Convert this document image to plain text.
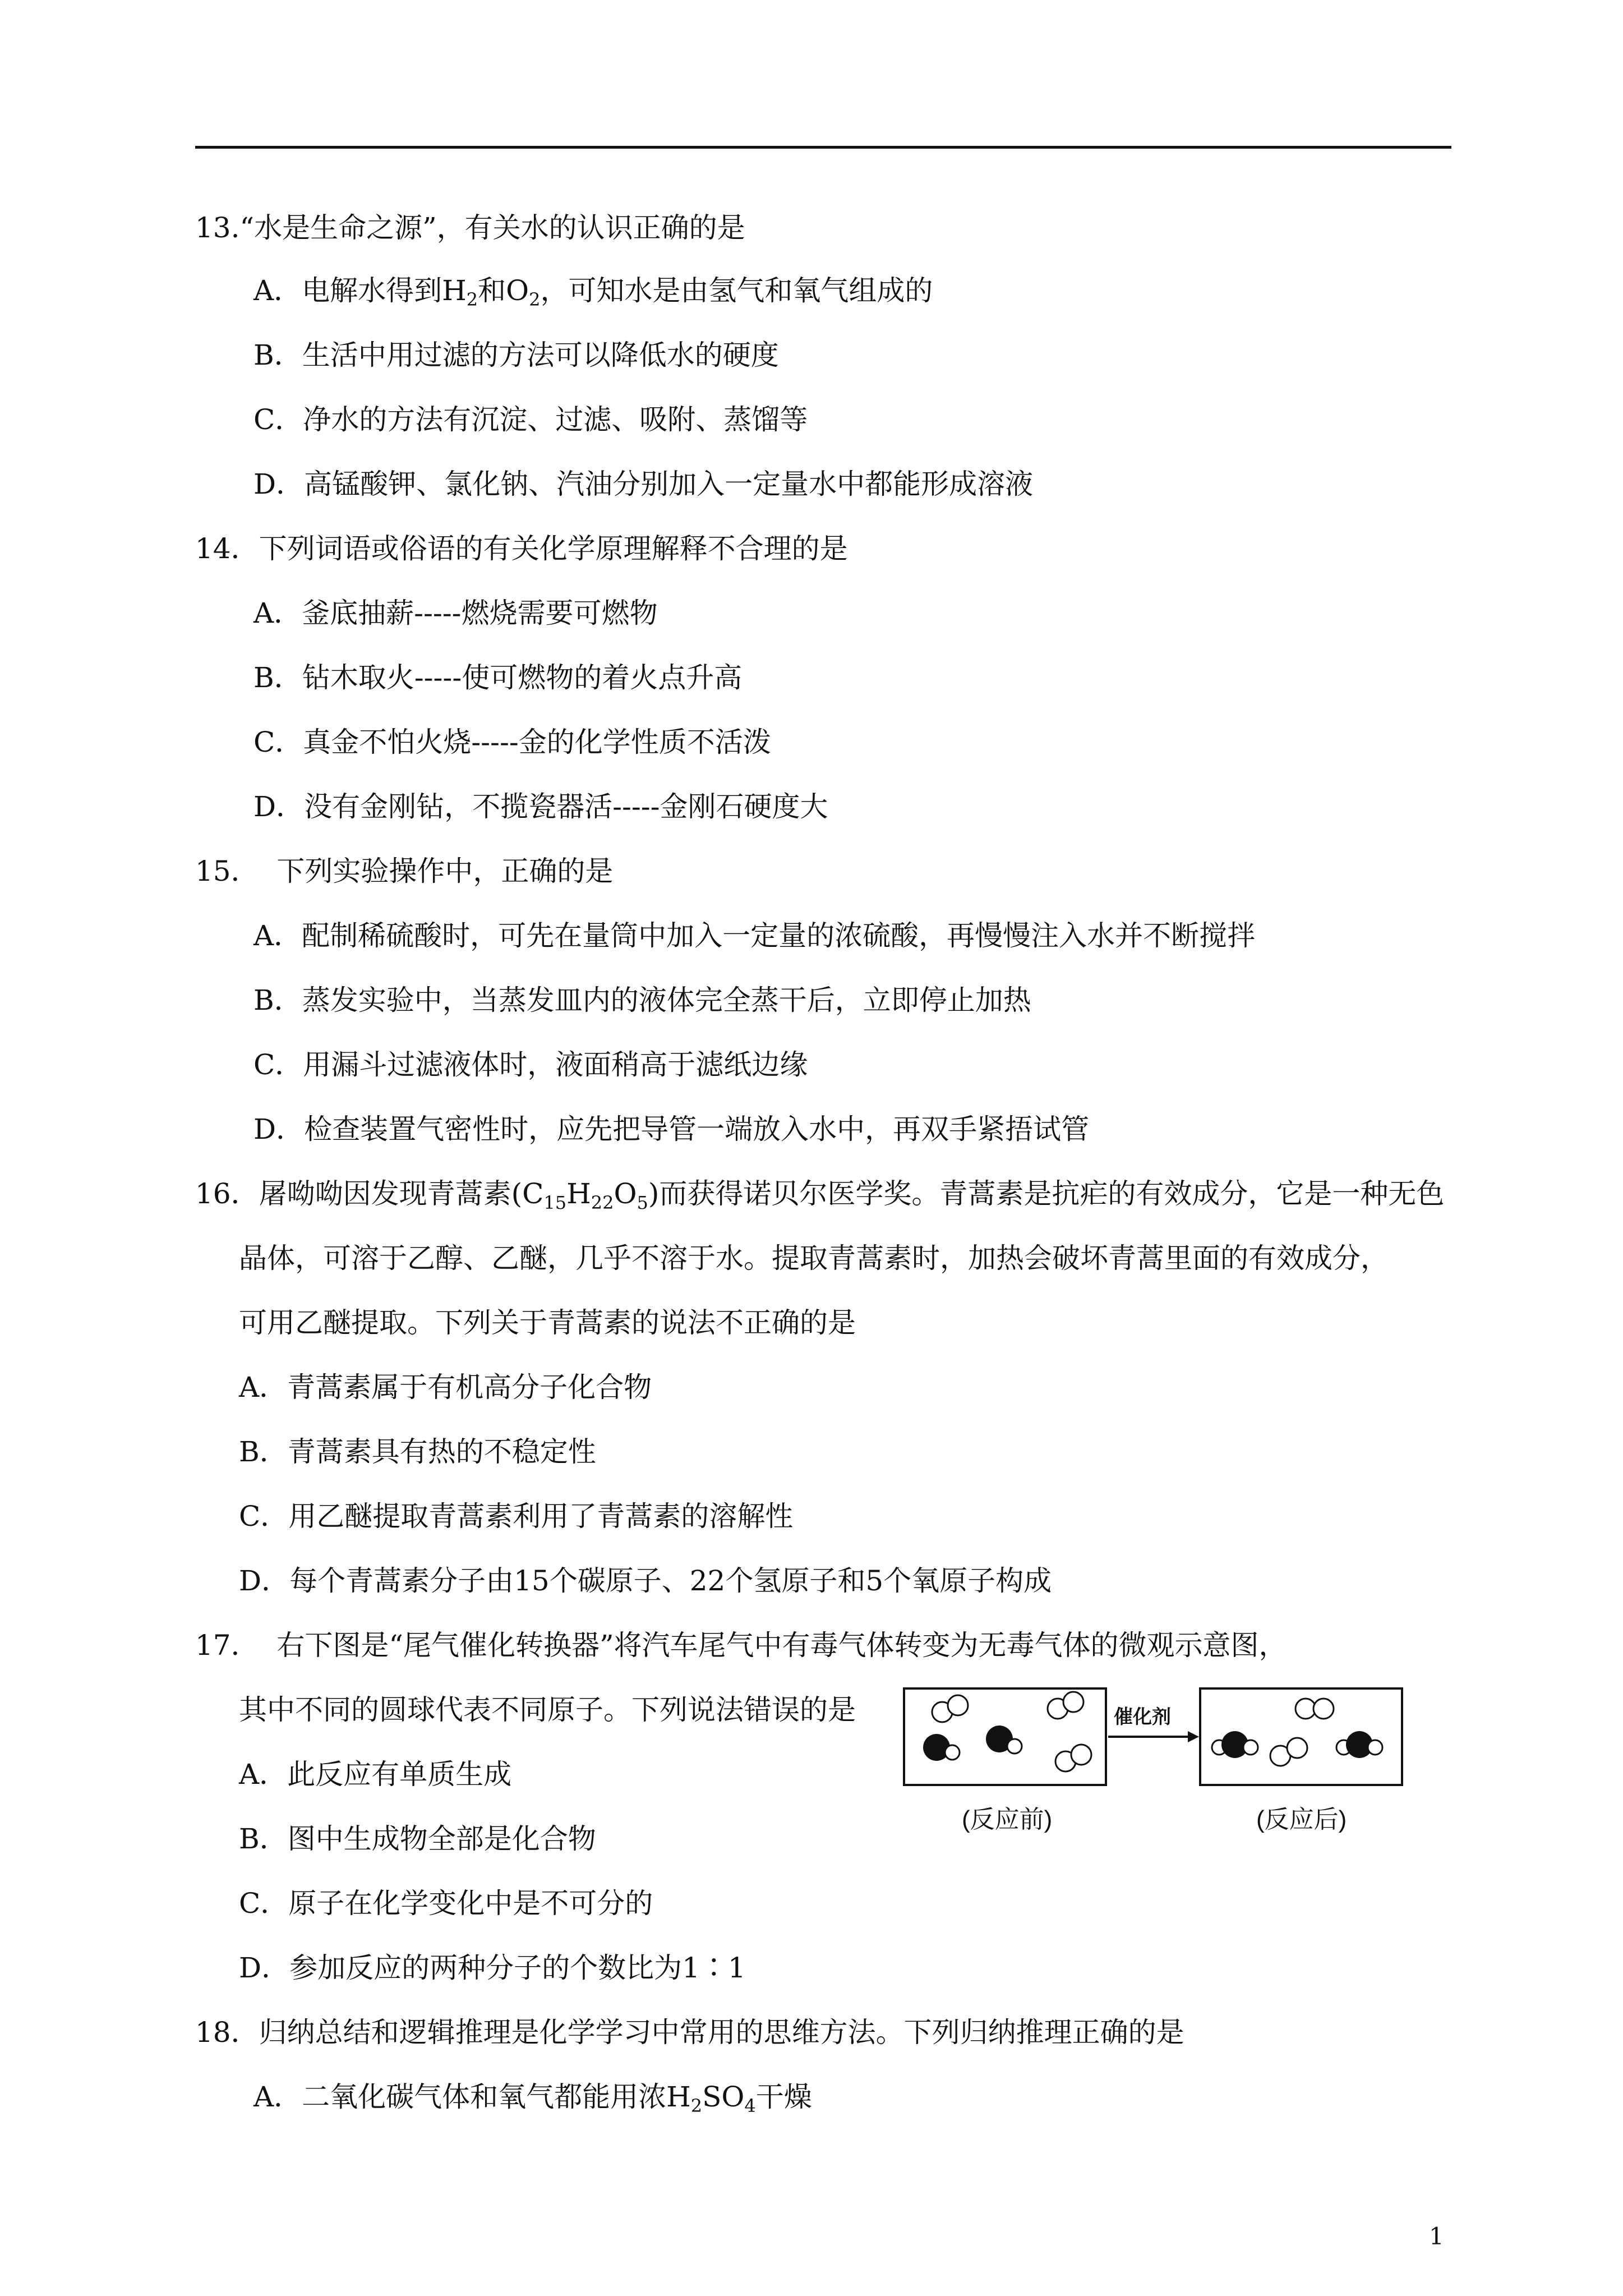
13.“水是生命之源”，有关水的认识正确的是
A．电解水得到$H_2$和$O_2$，可知水是由氢气和氧气组成的
B．生活中用过滤的方法可以降低水的硬度
C．净水的方法有沉淀、过滤、吸附、蒸馏等
D．高锰酸钾、氯化钠、汽油分别加入一定量水中都能形成溶液
14．下列词语或俗语的有关化学原理解释不合理的是
A．釜底抽薪-----燃烧需要可燃物
B．钻木取火-----使可燃物的着火点升高
C．真金不怕火烧-----金的化学性质不活泼
D．没有金刚钻，不揽瓷器活-----金刚石硬度大
15．  下列实验操作中，正确的是
A．配制稀硫酸时，可先在量筒中加入一定量的浓硫酸，再慢慢注入水并不断搅拌
B．蒸发实验中，当蒸发皿内的液体完全蒸干后，立即停止加热
C．用漏斗过滤液体时，液面稍高于滤纸边缘
D．检查装置气密性时，应先把导管一端放入水中，再双手紧捂试管
16．屠呦呦因发现青蒿素$(C_{15}H_{22}O_5)$而获得诺贝尔医学奖。青蒿素是抗疟的有效成分，它是一种无色
晶体，可溶于乙醇、乙醚，几乎不溶于水。提取青蒿素时，加热会破坏青蒿里面的有效成分，
可用乙醚提取。下列关于青蒿素的说法不正确的是
A．青蒿素属于有机高分子化合物
B．青蒿素具有热的不稳定性
C．用乙醚提取青蒿素利用了青蒿素的溶解性
D．每个青蒿素分子由15个碳原子、22个氢原子和5个氧原子构成
17．  右下图是“尾气催化转换器”将汽车尾气中有毒气体转变为无毒气体的微观示意图，
其中不同的圆球代表不同原子。下列说法错误的是
A．此反应有单质生成
B．图中生成物全部是化合物
C．原子在化学变化中是不可分的
D．参加反应的两种分子的个数比为1∶1
催化剂
(反应前)	(反应后)
18．归纳总结和逻辑推理是化学学习中常用的思维方法。下列归纳推理正确的是
A．二氧化碳气体和氧气都能用浓$H_2SO_4$干燥
1
